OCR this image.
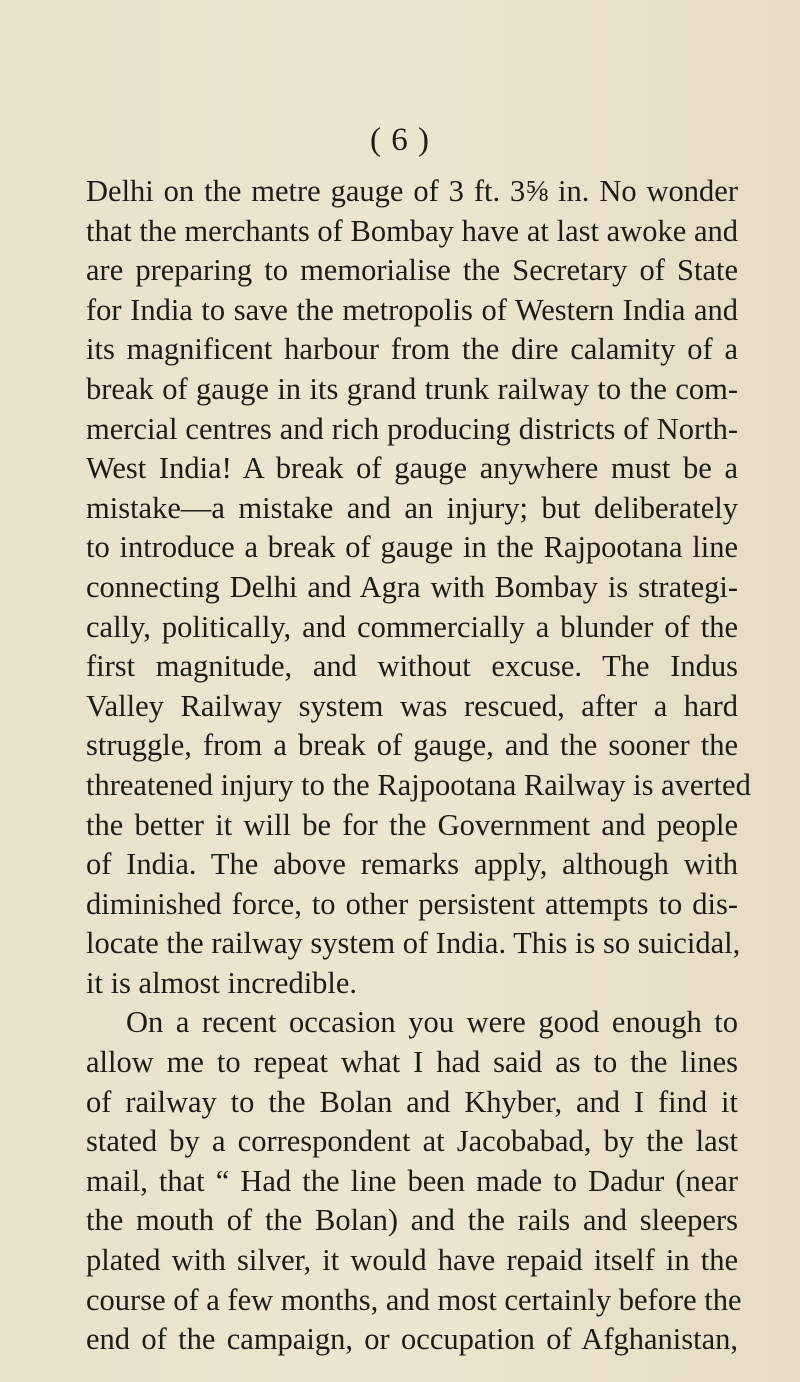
( 6 )
Delhi on the metre gauge of 3 ft. 3⅝ in. No wonder
that the merchants of Bombay have at last awoke and
are preparing to memorialise the Secretary of State
for India to save the metropolis of Western India and
its magnificent harbour from the dire calamity of a
break of gauge in its grand trunk railway to the com-
mercial centres and rich producing districts of North-
West India! A break of gauge anywhere must be a
mistake—a mistake and an injury; but deliberately
to introduce a break of gauge in the Rajpootana line
connecting Delhi and Agra with Bombay is strategi-
cally, politically, and commercially a blunder of the
first magnitude, and without excuse. The Indus
Valley Railway system was rescued, after a hard
struggle, from a break of gauge, and the sooner the
threatened injury to the Rajpootana Railway is averted
the better it will be for the Government and people
of India. The above remarks apply, although with
diminished force, to other persistent attempts to dis-
locate the railway system of India. This is so suicidal,
it is almost incredible.
On a recent occasion you were good enough to
allow me to repeat what I had said as to the lines
of railway to the Bolan and Khyber, and I find it
stated by a correspondent at Jacobabad, by the last
mail, that “ Had the line been made to Dadur (near
the mouth of the Bolan) and the rails and sleepers
plated with silver, it would have repaid itself in the
course of a few months, and most certainly before the
end of the campaign, or occupation of Afghanistan,
